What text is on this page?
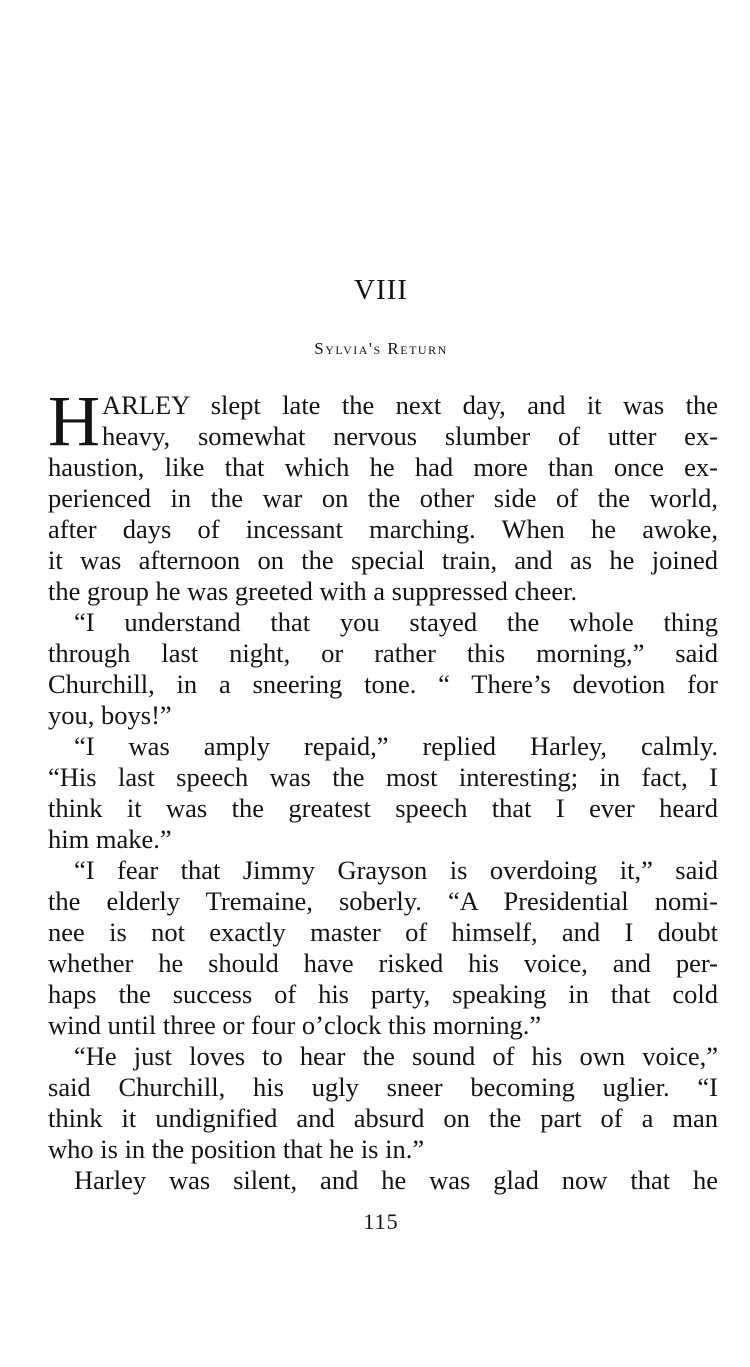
VIII
Sylvia's Return
H ARLEY slept late the next day, and it was the
heavy, somewhat nervous slumber of utter ex-
haustion, like that which he had more than once ex-
perienced in the war on the other side of the world,
after days of incessant marching. When he awoke,
it was afternoon on the special train, and as he joined
the group he was greeted with a suppressed cheer.
“I understand that you stayed the whole thing
through last night, or rather this morning,” said
Churchill, in a sneering tone. “ There’s devotion for
you, boys!”
“I was amply repaid,” replied Harley, calmly.
“His last speech was the most interesting; in fact, I
think it was the greatest speech that I ever heard
him make.”
“I fear that Jimmy Grayson is overdoing it,” said
the elderly Tremaine, soberly. “A Presidential nomi-
nee is not exactly master of himself, and I doubt
whether he should have risked his voice, and per-
haps the success of his party, speaking in that cold
wind until three or four o’clock this morning.”
“He just loves to hear the sound of his own voice,”
said Churchill, his ugly sneer becoming uglier. “I
think it undignified and absurd on the part of a man
who is in the position that he is in.”
Harley was silent, and he was glad now that he
115
